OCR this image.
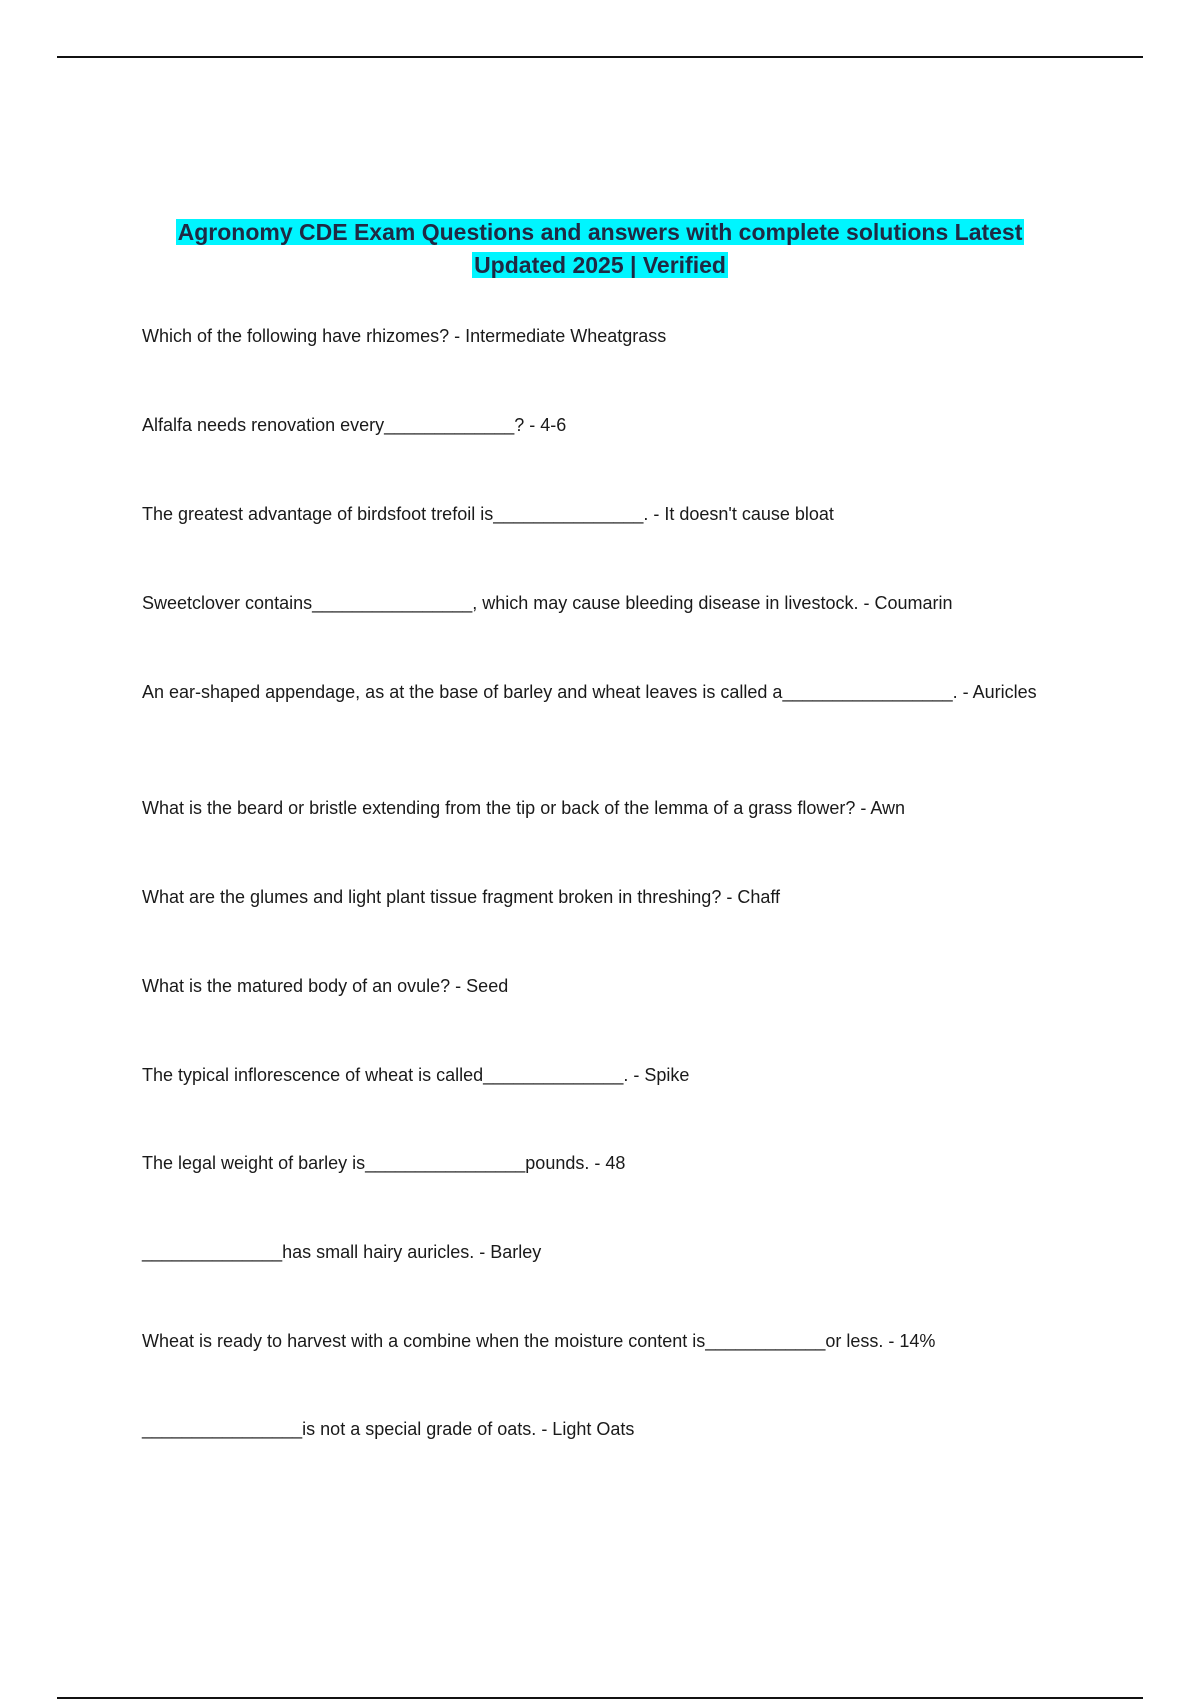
Agronomy CDE Exam Questions and answers with complete solutions Latest
Updated 2025 | Verified

Which of the following have rhizomes? - Intermediate Wheatgrass

Alfalfa needs renovation every_____________? - 4-6

The greatest advantage of birdsfoot trefoil is_______________. - It doesn't cause bloat

Sweetclover contains________________, which may cause bleeding disease in livestock. - Coumarin

An ear-shaped appendage, as at the base of barley and wheat leaves is called a_________________. - Auricles

What is the beard or bristle extending from the tip or back of the lemma of a grass flower? - Awn

What are the glumes and light plant tissue fragment broken in threshing? - Chaff

What is the matured body of an ovule? - Seed

The typical inflorescence of wheat is called______________. - Spike

The legal weight of barley is________________pounds. - 48

______________has small hairy auricles. - Barley

Wheat is ready to harvest with a combine when the moisture content is____________or less. - 14%

________________is not a special grade of oats. - Light Oats
